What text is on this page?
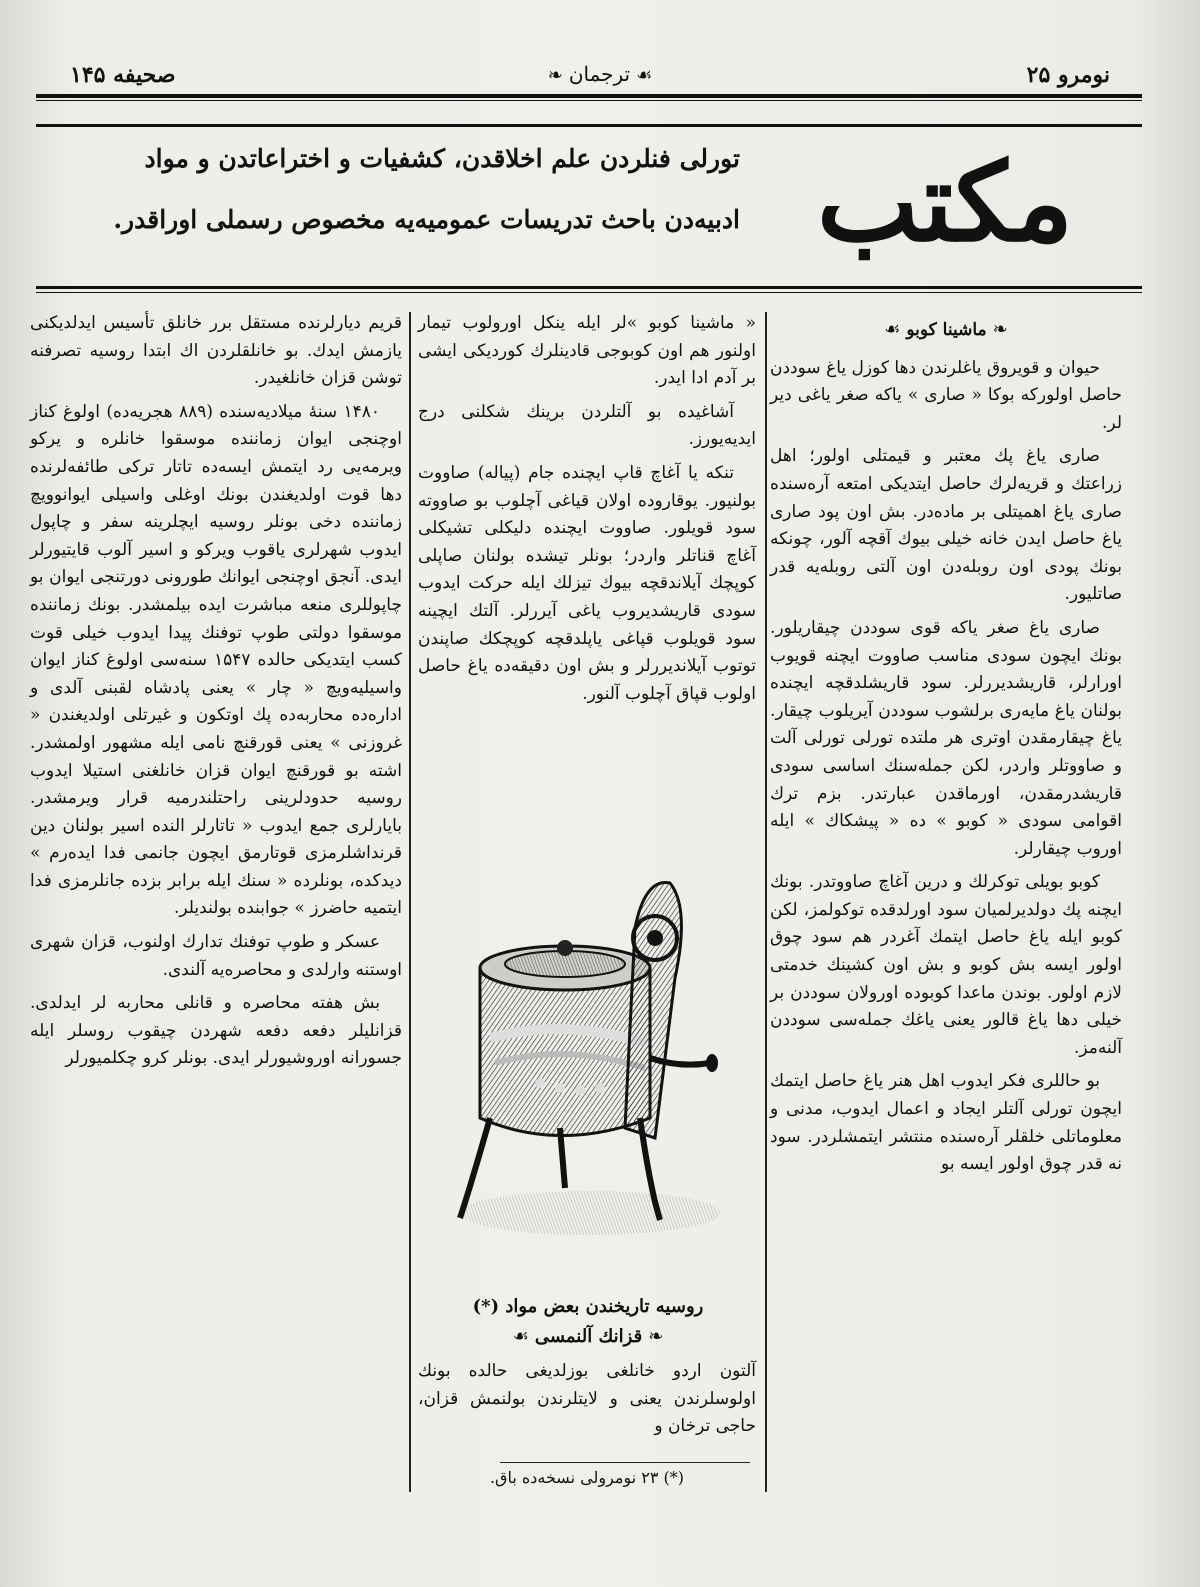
صحیفه ۱۴۵	❧ ترجمان ☙	نومرو ۲۵
تورلی فنلردن علم اخلاقدن، کشفیات و اختراعاتدن و مواد
ادبیه‌دن باحث تدریسات عمومیه‌یه مخصوص رسملی اوراقدر. مکتب

❧ماشینا کوبو☙

حیوان و قویروق یاغلرندن دها کوزل یاغ سوددن حاصل اولورکه بوکا « صاری » یاکه صغر یاغی دیر لر.

صاری یاغ پك معتبر و قیمتلی اولور؛ اهل زراعتك و قریه‌لرك حاصل ایتدیکی امتعه آره‌سنده صاری یاغ اهمیتلی بر ماده‌در. بش اون پود صاری یاغ حاصل ایدن خانه خیلی بیوك آقچه آلور، چونکه بونك پودی اون روبله‌دن اون آلتی روبله‌یه قدر صاتلیور.

صاری یاغ صغر یاکه قوی سوددن چیقاریلور. بونك ایچون سودی مناسب صاووت ایچنه قویوب اورارلر، قاریشدیررلر. سود قاریشلدقچه ایچنده بولنان یاغ مایه‌ری برلشوب سوددن آیریلوب چیقار. یاغ چیقارمقدن اوتری هر ملتده تورلی تورلی آلت و صاووتلر واردر، لکن جمله‌سنك اساسی سودی قاریشدرمقدن، اورماقدن عبارتدر. بزم ترك اقوامی سودی « کوبو » ده « پیشکاك » ایله اوروب چیقارلر.

کوبو بویلی توکرلك و درین آغاچ صاووتدر. بونك ایچنه پك دولدیرلمیان سود اورلدقده توکولمز، لکن کوبو ایله یاغ حاصل ایتمك آغردر هم سود چوق اولور ایسه بش کوبو و بش اون کشینك خدمتی لازم اولور. بوندن ماعدا کوبوده اورولان سوددن بر خیلی دها یاغ قالور یعنی یاغك جمله‌سی سوددن آلنه‌مز.

بو حاللری فکر ایدوب اهل هنر یاغ حاصل ایتمك ایچون تورلی آلتلر ایجاد و اعمال ایدوب، مدنی و معلوماتلی خلقلر آره‌سنده منتشر ایتمشلردر. سود نه قدر چوق اولور ایسه بو

« ماشینا کوبو »لر ایله ینکل اورولوب تیمار اولنور هم اون کوبوجی قادینلرك کوردیکی ایشی بر آدم ادا ایدر.

آشاغیده بو آلتلردن برینك شکلنی درج ایدیه‌یورز.

تنکه یا آغاچ قاپ ایچنده جام (پیاله) صاووت بولنیور. یوقارودە اولان قیاغی آچلوب بو صاووته سود قویلور. صاووت ایچنده دلیکلی تشیکلی آغاچ قناتلر واردر؛ بونلر تیشده بولنان صاپلی کوپچك آیلاندقچه بیوك تیزلك ایله حرکت ایدوب سودی قاریشدیروب یاغی آیررلر. آلتك ایچینه سود قویلوب قپاغی یاپلدقچه کوپچکك صاپندن توتوب آیلاندیررلر و بش اون دقیقه‌ده یاغ حاصل اولوب قپاق آچلوب آلنور.

روسیه تاریخندن بعض مواد (*)
❧قزانك آلنمسی☙
آلتون اردو خانلغی بوزلدیغی حالده بونك اولوسلرندن یعنی و لایتلرندن بولنمش قزان، حاجی ترخان و
(*) ۲۳ نومرولی نسخه‌ده باق.

قریم دیارلرنده مستقل برر خانلق تأسیس ایدلدیکنی یازمش ایدك. بو خانلقلردن اك ابتدا روسیه تصرفنه توشن قزان خانلغیدر.

۱۴۸۰ سنهٔ میلادیه‌سنده (۸۸۹ هجریه‌ده) اولوغ کناز اوچنجی ایوان زماننده موسقوا خانلره و یرکو ویرمه‌یی رد ایتمش ایسه‌ده تاتار ترکی طائفه‌لرنده دها قوت اولدیغندن بونك اوغلی واسیلی ایوانوویچ زماننده دخی بونلر روسیه ایچلرینه سفر و چاپول ایدوب شهرلری یاقوب ویرکو و اسیر آلوب قایتیورلر ایدی. آنجق اوچنجی ایوانك طورونی دورتنجی ایوان بو چاپوللری منعه مباشرت ایده بیلمشدر. بونك زماننده موسقوا دولتی طوپ توفنك پیدا ایدوب خیلی قوت کسب ایتدیکی حالده ۱۵۴۷ سنه‌سی اولوغ کناز ایوان واسیلیه‌ویچ « چار » یعنی پادشاه لقبنی آلدی و اداره‌ده محاربه‌ده پك اوتکون و غیرتلی اولدیغندن « غروزنی » یعنی قورقنچ نامی ایله مشهور اولمشدر. اشته بو قورقنچ ایوان قزان خانلغنی استیلا ایدوب روسیه حدودلرینی راحتلندرمیه قرار ویرمشدر. بایارلری جمع ایدوب « تاتارلر النده اسیر بولنان دین قرنداشلرمزی قوتارمق ایچون جانمی فدا ایده‌رم » دیدکده، بونلرده « سنك ایله برابر بزده جانلرمزی فدا ایتمیه حاضرز » جوابنده بولندیلر.

عسکر و طوپ توفنك تدارك اولنوب، قزان شهری اوستنه وارلدی و محاصره‌یه آلندی.

بش هفته محاصره و قانلی محاربه لر ایدلدی. قزانلیلر دفعه دفعه شهردن چیقوب روسلر ایله جسورانه اوروشیورلر ایدی. بونلر کرو چکلمیورلر
